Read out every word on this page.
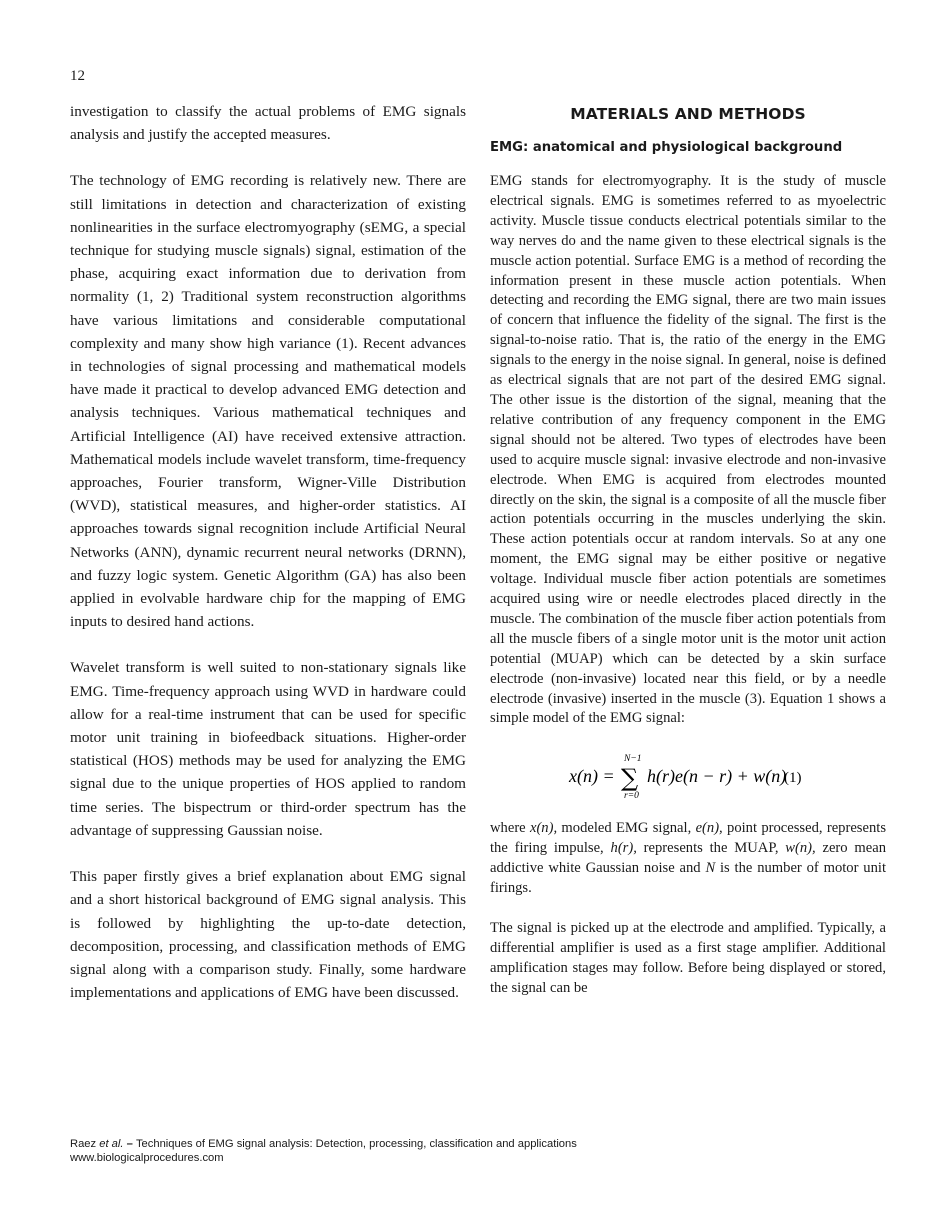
12

investigation to classify the actual problems of EMG signals analysis and justify the accepted measures.

The technology of EMG recording is relatively new. There are still limitations in detection and characterization of existing nonlinearities in the surface electromyography (sEMG, a special technique for studying muscle signals) signal, estimation of the phase, acquiring exact information due to derivation from normality (1, 2) Traditional system reconstruction algorithms have various limitations and considerable computational complexity and many show high variance (1). Recent advances in technologies of signal processing and mathematical models have made it practical to develop advanced EMG detection and analysis techniques. Various mathematical techniques and Artificial Intelligence (AI) have received extensive attraction. Mathematical models include wavelet transform, time-frequency approaches, Fourier transform, Wigner-Ville Distribution (WVD), statistical measures, and higher-order statistics. AI approaches towards signal recognition include Artificial Neural Networks (ANN), dynamic recurrent neural networks (DRNN), and fuzzy logic system. Genetic Algorithm (GA) has also been applied in evolvable hardware chip for the mapping of EMG inputs to desired hand actions.

Wavelet transform is well suited to non-stationary signals like EMG. Time-frequency approach using WVD in hardware could allow for a real-time instrument that can be used for specific motor unit training in biofeedback situations. Higher-order statistical (HOS) methods may be used for analyzing the EMG signal due to the unique properties of HOS applied to random time series. The bispectrum or third-order spectrum has the advantage of suppressing Gaussian noise.

This paper firstly gives a brief explanation about EMG signal and a short historical background of EMG signal analysis. This is followed by highlighting the up-to-date detection, decomposition, processing, and classification methods of EMG signal along with a comparison study. Finally, some hardware implementations and applications of EMG have been discussed.

MATERIALS AND METHODS
EMG: anatomical and physiological background

EMG stands for electromyography. It is the study of muscle electrical signals. EMG is sometimes referred to as myoelectric activity. Muscle tissue conducts electrical potentials similar to the way nerves do and the name given to these electrical signals is the muscle action potential. Surface EMG is a method of recording the information present in these muscle action potentials. When detecting and recording the EMG signal, there are two main issues of concern that influence the fidelity of the signal. The first is the signal-to-noise ratio. That is, the ratio of the energy in the EMG signals to the energy in the noise signal. In general, noise is defined as electrical signals that are not part of the desired EMG signal. The other issue is the distortion of the signal, meaning that the relative contribution of any frequency component in the EMG signal should not be altered. Two types of electrodes have been used to acquire muscle signal: invasive electrode and non-invasive electrode. When EMG is acquired from electrodes mounted directly on the skin, the signal is a composite of all the muscle fiber action potentials occurring in the muscles underlying the skin. These action potentials occur at random intervals. So at any one moment, the EMG signal may be either positive or negative voltage. Individual muscle fiber action potentials are sometimes acquired using wire or needle electrodes placed directly in the muscle. The combination of the muscle fiber action potentials from all the muscle fibers of a single motor unit is the motor unit action potential (MUAP) which can be detected by a skin surface electrode (non-invasive) located near this field, or by a needle electrode (invasive) inserted in the muscle (3). Equation 1 shows a simple model of the EMG signal:

x(n) =
N−1
∑
r=0
h(r)e(n − r) + w(n)
(1)

where x(n), modeled EMG signal, e(n), point processed, represents the firing impulse, h(r), represents the MUAP, w(n), zero mean addictive white Gaussian noise and N is the number of motor unit firings.

The signal is picked up at the electrode and amplified. Typically, a differential amplifier is used as a first stage amplifier. Additional amplification stages may follow. Before being displayed or stored, the signal can be

Raez et al. – Techniques of EMG signal analysis: Detection, processing, classification and applications
www.biologicalprocedures.com
